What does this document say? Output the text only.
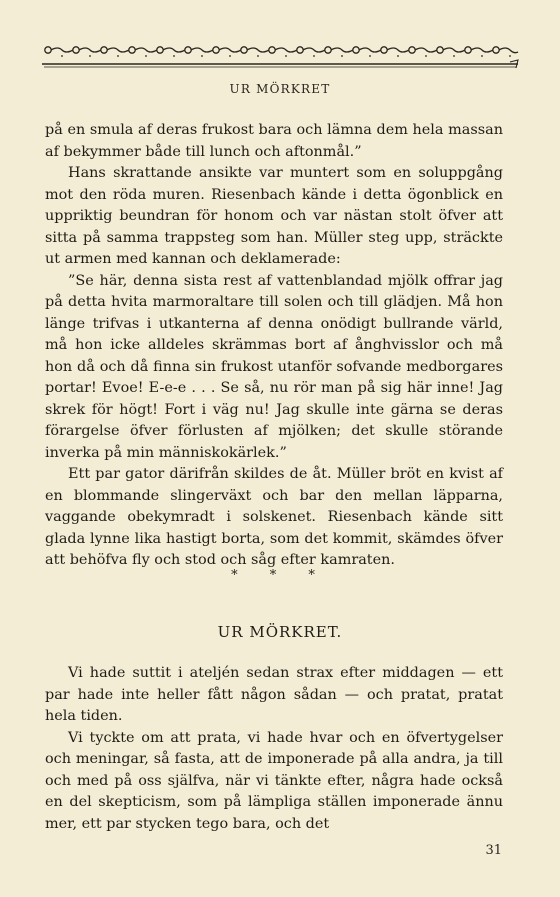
UR MÖRKRET

på en smula af deras frukost bara och lämna dem hela massan af bekymmer både till lunch och aftonmål.”

Hans skrattande ansikte var muntert som en soluppgång mot den röda muren. Riesenbach kände i detta ögonblick en uppriktig beundran för honom och var nästan stolt öfver att sitta på samma trappsteg som han. Müller steg upp, sträckte ut armen med kannan och deklamerade:

”Se här, denna sista rest af vattenblandad mjölk offrar jag på detta hvita marmoraltare till solen och till glädjen. Må hon länge trifvas i utkanterna af denna onödigt bullrande värld, må hon icke alldeles skrämmas bort af ånghvisslor och må hon då och då finna sin frukost utanför sofvande medborgares portar! Evoe! E-e-e . . . Se så, nu rör man på sig här inne! Jag skrek för högt! Fort i väg nu! Jag skulle inte gärna se deras förargelse öfver förlusten af mjölken; det skulle störande inverka på min människokärlek.”

Ett par gator därifrån skildes de åt. Müller bröt en kvist af en blommande slingerväxt och bar den mellan läpparna, vaggande obekymradt i solskenet. Riesenbach kände sitt glada lynne lika hastigt borta, som det kommit, skämdes öfver att behöfva fly och stod och såg efter kamraten.

* * *
UR MÖRKRET.

Vi hade suttit i ateljén sedan strax efter middagen — ett par hade inte heller fått någon sådan — och pratat, pratat hela tiden.

Vi tyckte om att prata, vi hade hvar och en öfvertygelser och meningar, så fasta, att de imponerade på alla andra, ja till och med på oss själfva, när vi tänkte efter, några hade också en del skepticism, som på lämpliga ställen imponerade ännu mer, ett par stycken tego bara, och det

31
